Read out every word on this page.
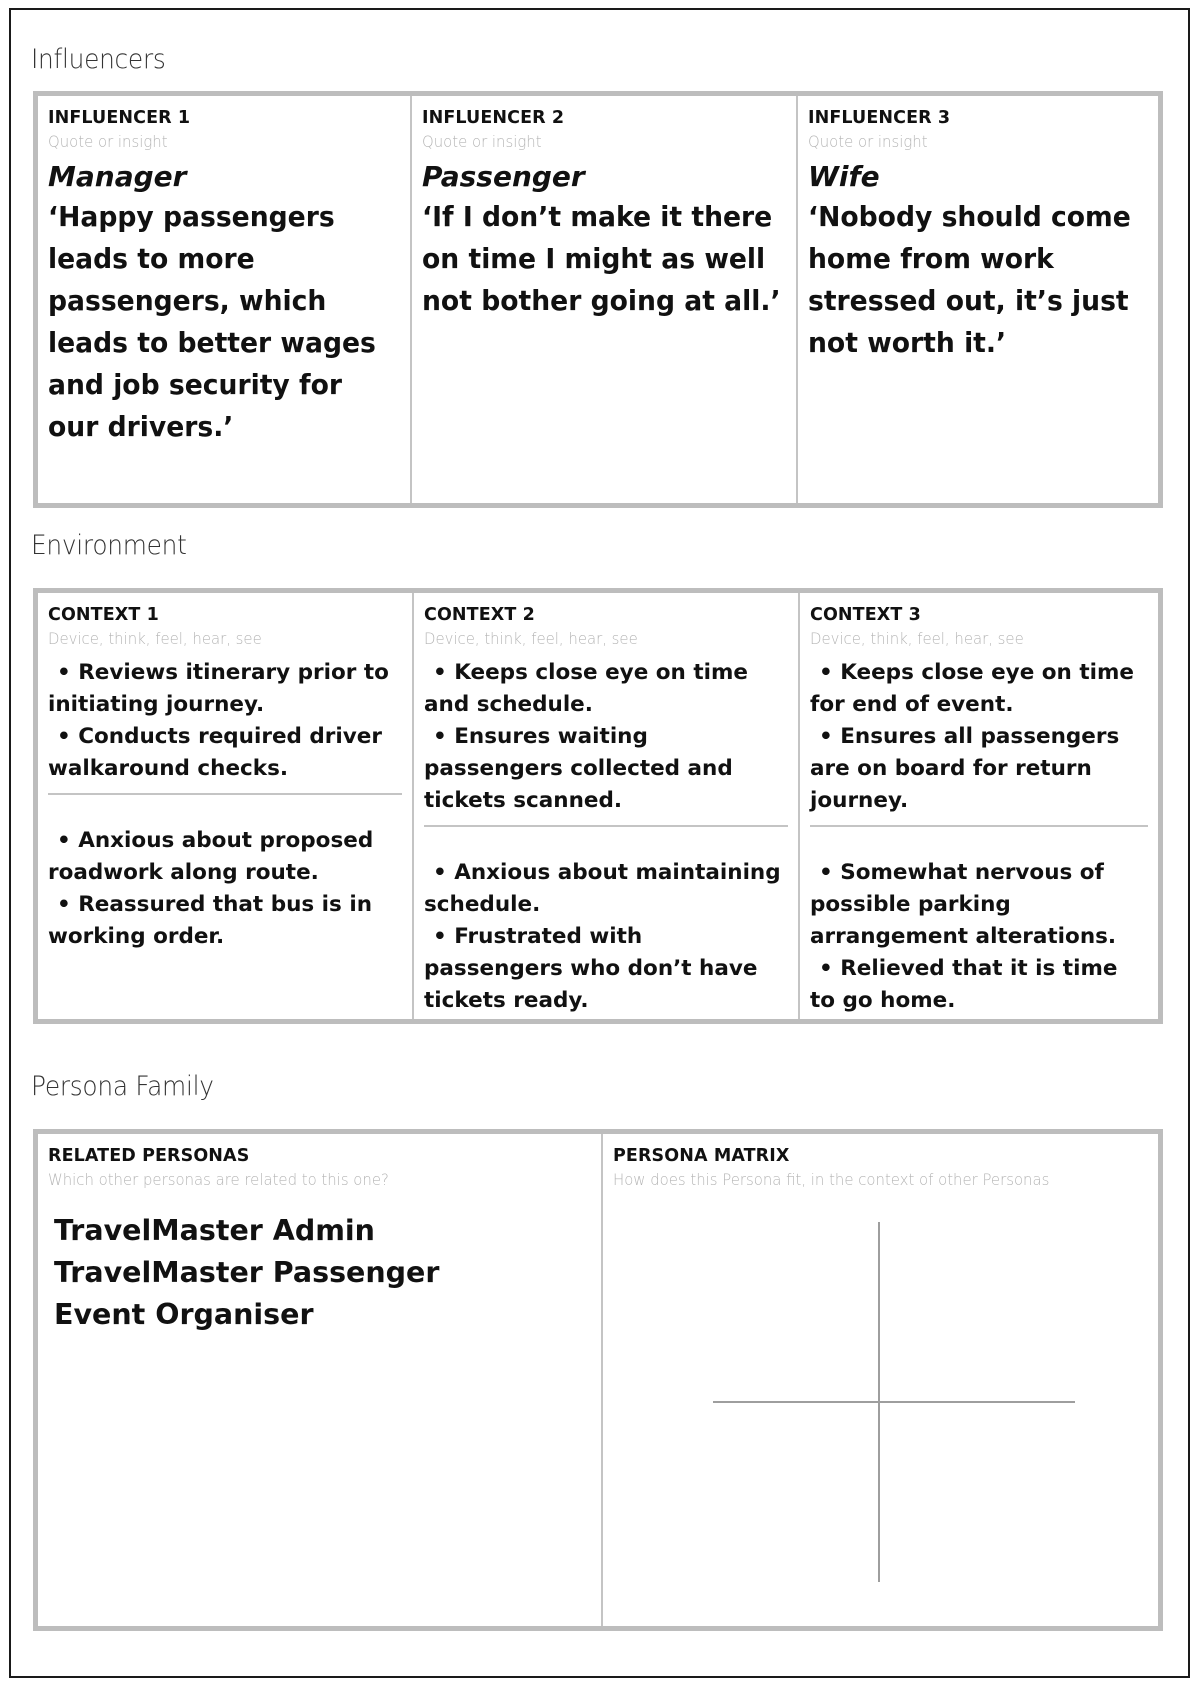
Influencers
INFLUENCER 1
Quote or insight
Manager

‘Happy passengers leads to more passengers, which leads to better wages and job security for our drivers.’

INFLUENCER 2
Quote or insight
Passenger

‘If I don’t make it there on time I might as well not bother going at all.’

INFLUENCER 3
Quote or insight
Wife

‘Nobody should come home from work stressed out, it’s just not worth it.’

Environment
CONTEXT 1
Device, think, feel, hear, see
• Reviews itinerary prior to initiating journey.
• Conducts required driver walkaround checks.
• Anxious about proposed roadwork along route.
• Reassured that bus is in working order.
CONTEXT 2
Device, think, feel, hear, see
• Keeps close eye on time and schedule.
• Ensures waiting passengers collected and tickets scanned.
• Anxious about maintaining schedule.
• Frustrated with passengers who don’t have tickets ready.
CONTEXT 3
Device, think, feel, hear, see
• Keeps close eye on time for end of event.
• Ensures all passengers are on board for return journey.
• Somewhat nervous of possible parking arrangement alterations.
• Relieved that it is time to go home.
Persona Family
RELATED PERSONAS
Which other personas are related to this one?
TravelMaster Admin
TravelMaster Passenger
Event Organiser
PERSONA MATRIX
How does this Persona fit, in the context of other Personas
